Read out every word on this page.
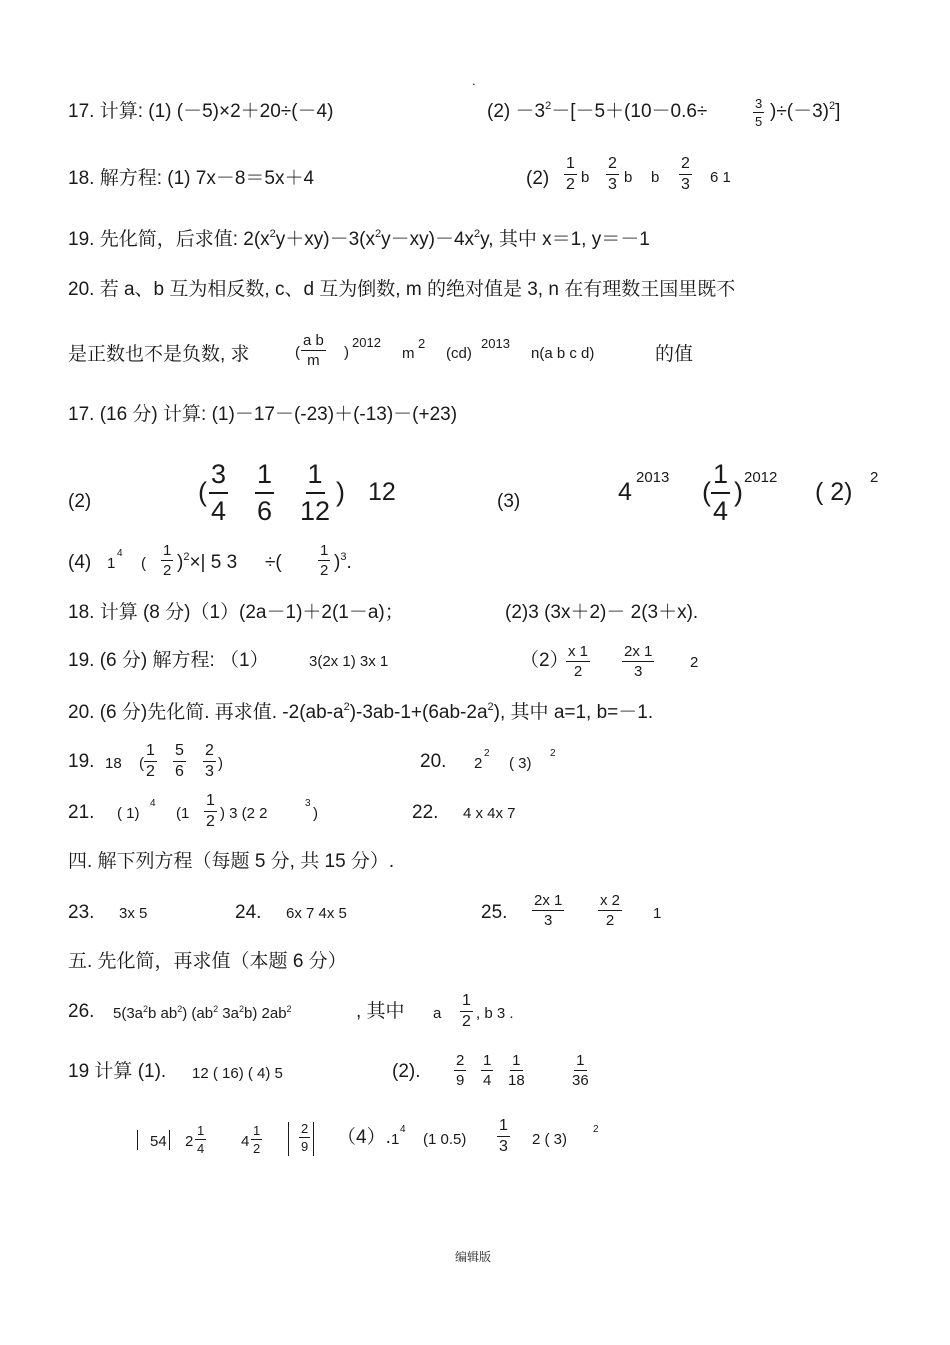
.
17. 计算: (1) (－5)×2＋20÷(－4)	$(2) -3^2-[-5+(10-0.6\div$	$\frac{3}{5} )\div(-3)^2$]
18. 解方程: (1) 7x－8＝5x＋4	$(2) \frac{1}{2}$ b $\frac{2}{3}$ b b $\frac{2}{3} 6$ 1
19. 先化简，后求值: $2(x^2y+xy)-3(x^2y-xy)-4x^2y$, 其中 x＝1, y＝－1
20. 若 a、b 互为相反数, c、d 互为倒数, m 的绝对值是 3, n 在有理数王国里既不
是正数也不是负数, 求	( $\frac{\text{a b}}{m}$ )
2012
m
2
(cd)
2013
n(a b c d)	的值
17. (16 分) 计算: (1)－17－(-23)＋(-13)－(+23)
(2)	( $\frac{3}{4} \frac{1}{6} \frac{1}{12}$ ) 12	(3)	4
2013 ( $\frac{1}{4}$ ) 2012
( 2)
2
(4) 1
4
( $\frac{1}{2} )^2\times|$ 5 3 ÷( $\frac{1}{2} )^3$.
18. 计算 (8 分)（1）(2a－1)＋2(1－a)；	(2)3 (3x＋2)－ 2(3＋x).
19. (6 分) 解方程: （1）	3(2x 1) 3x 1	（2）
$\frac{x 1}{2} \frac{2x 1}{3} 2$
20. (6 分)先化简. 再求值. $-2(ab-a^2)-3ab-1+(6ab-2a^2)$, 其中 a=1, b=－1.
19. 18 ( $\frac{1}{2} \frac{5}{6} \frac{2}{3}$ )	20. 2
2
( 3)
2
21. ( 1)
4
($1 \frac{1}{2}$ ) 3 (2 2
3
)	22. 4 x 4x 7
四. 解下列方程（每题 5 分, 共 15 分）.
23. 3x 5	24. 6x 7 4x 5	25. $\frac{2x 1}{3} \frac{x 2}{2} 1$
五. 先化简，再求值（本题 6 分）
26. $5(3a^2b$ $ab^2$) ($ab^2$ $3a^2b$) $2ab^2$	, 其中 a $\frac{1}{2}$ , b 3 .
19 计算 (1). 12 ( 16) ( 4) 5	(2). $\frac{2}{9} \frac{1}{4} \frac{1}{18}$	$\frac{1}{36}$
54 $2 \frac{1}{4} 4 \frac{1}{2}$	$\frac{2}{9} (4)$. 1
4
(1 $0.5) \frac{1}{3} 2$ ( 3)
2
编辑版
